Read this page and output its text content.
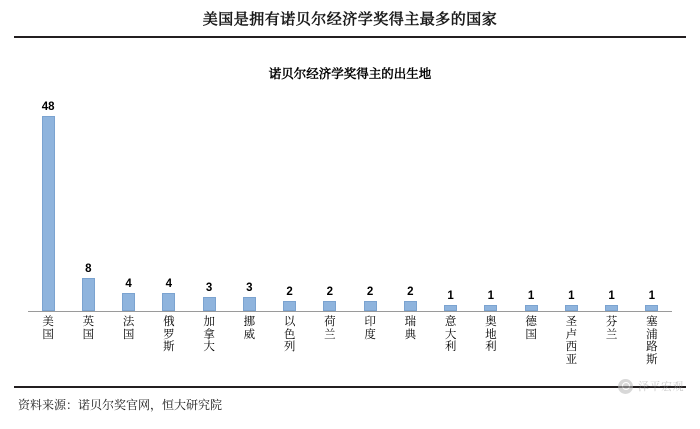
美国是拥有诺贝尔经济学奖得主最多的国家
诺贝尔经济学奖得主的出生地
48
8
4	4	3	3	2	2	2	2	1	1	1	1	1	1
美国
英国
法国
俄罗斯
加拿大
挪威
以色列
荷兰
印度
瑞典
意大利
奥地利
德国
圣卢西亚
芬兰
塞浦路斯
资料来源：诺贝尔奖官网，恒大研究院
泽平宏观
